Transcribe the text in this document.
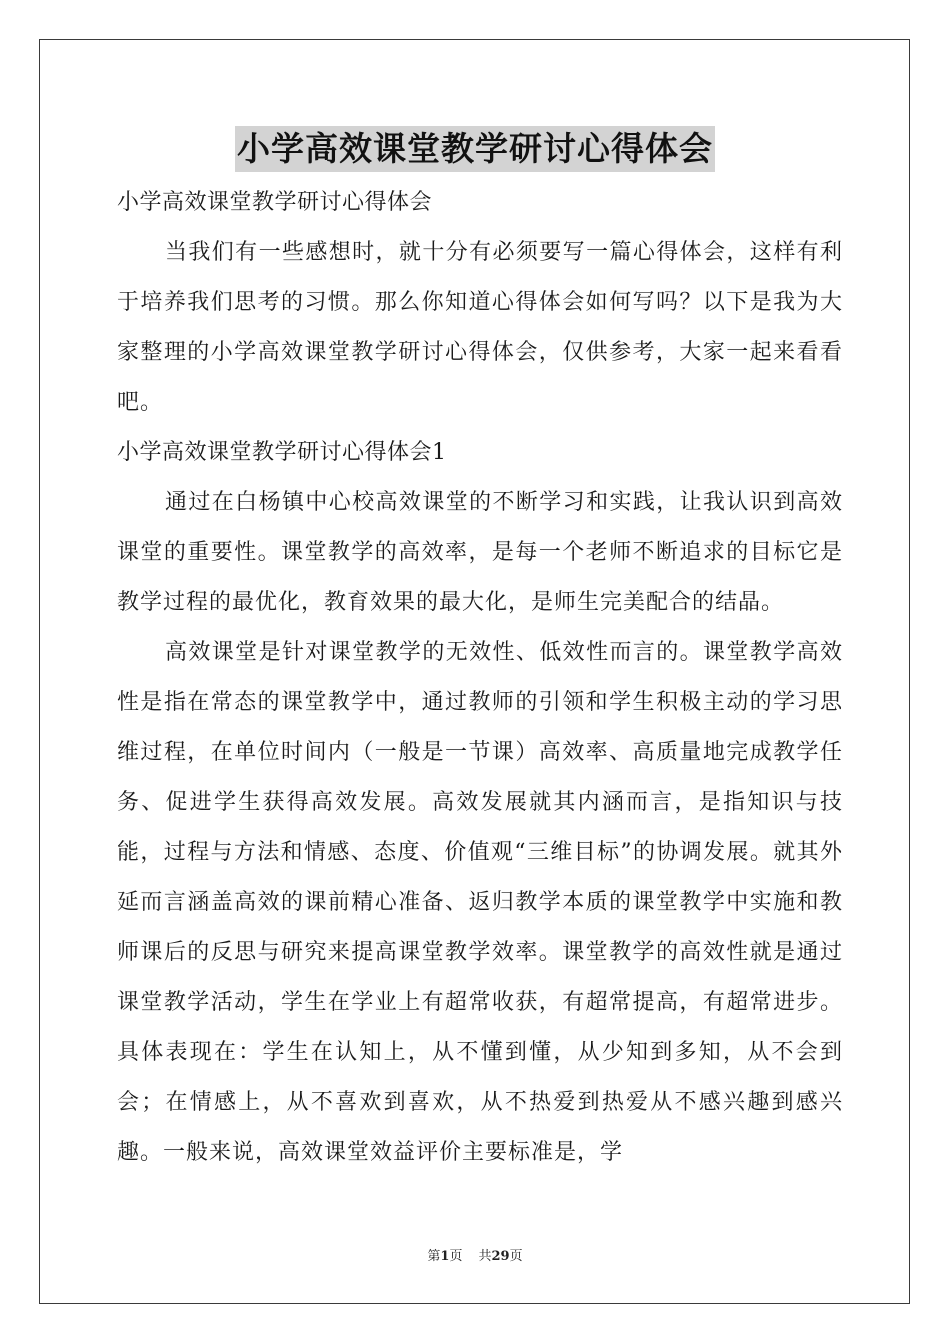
小学高效课堂教学研讨心得体会

小学高效课堂教学研讨心得体会

当我们有一些感想时，就十分有必须要写一篇心得体会，这样有利于培养我们思考的习惯。那么你知道心得体会如何写吗？以下是我为大家整理的小学高效课堂教学研讨心得体会，仅供参考，大家一起来看看吧。

小学高效课堂教学研讨心得体会1

通过在白杨镇中心校高效课堂的不断学习和实践，让我认识到高效课堂的重要性。课堂教学的高效率，是每一个老师不断追求的目标它是教学过程的最优化，教育效果的最大化，是师生完美配合的结晶。

高效课堂是针对课堂教学的无效性、低效性而言的。课堂教学高效性是指在常态的课堂教学中，通过教师的引领和学生积极主动的学习思维过程，在单位时间内（一般是一节课）高效率、高质量地完成教学任务、促进学生获得高效发展。高效发展就其内涵而言，是指知识与技能，过程与方法和情感、态度、价值观“三维目标”的协调发展。就其外延而言涵盖高效的课前精心准备、返归教学本质的课堂教学中实施和教师课后的反思与研究来提高课堂教学效率。课堂教学的高效性就是通过课堂教学活动，学生在学业上有超常收获，有超常提高，有超常进步。具体表现在：学生在认知上，从不懂到懂，从少知到多知，从不会到会；在情感上，从不喜欢到喜欢，从不热爱到热爱从不感兴趣到感兴趣。一般来说，高效课堂效益评价主要标准是，学

第1页 共29页
